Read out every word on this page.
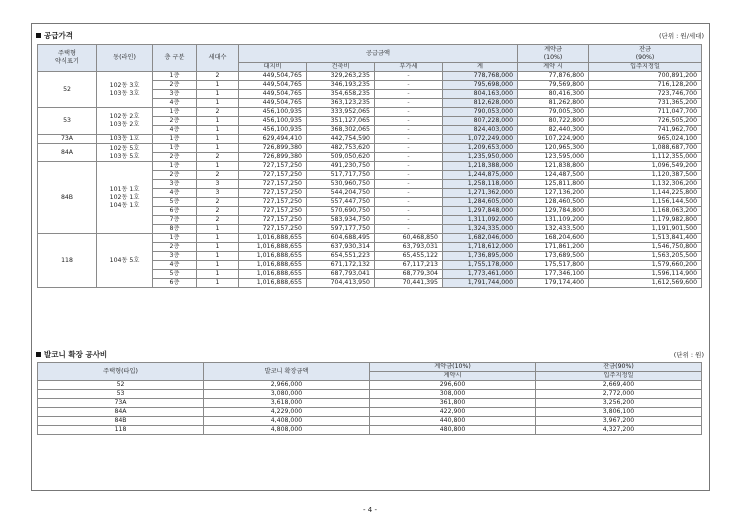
공급가격	(단위 : 원/세대)
주택형
약식표기	동(라인)	층 구분	세대수	공급금액				계약금
(10%)	잔금
(90%)
				대지비	건축비	부가세	계	계약 시	입주지정일
52	102동 3호
103동 3호	1층	2	449,504,765	329,263,235	-	778,768,000	77,876,800	700,891,200
		2층	1	449,504,765	346,193,235	-	795,698,000	79,569,800	716,128,200
		3층	1	449,504,765	354,658,235	-	804,163,000	80,416,300	723,746,700
		4층	1	449,504,765	363,123,235	-	812,628,000	81,262,800	731,365,200
53	102동 2호
103동 2호	1층	2	456,100,935	333,952,065	-	790,053,000	79,005,300	711,047,700
		2층	1	456,100,935	351,127,065	-	807,228,000	80,722,800	726,505,200
		4층	1	456,100,935	368,302,065	-	824,403,000	82,440,300	741,962,700
73A	103동 1호	1층	1	629,494,410	442,754,590	-	1,072,249,000	107,224,900	965,024,100
84A	102동 5호
103동 5호	1층	1	726,899,380	482,753,620	-	1,209,653,000	120,965,300	1,088,687,700
		2층	2	726,899,380	509,050,620	-	1,235,950,000	123,595,000	1,112,355,000
84B	101동 1호
102동 1호
104동 1호	1층	1	727,157,250	491,230,750	-	1,218,388,000	121,838,800	1,096,549,200
		2층	2	727,157,250	517,717,750	-	1,244,875,000	124,487,500	1,120,387,500
		3층	3	727,157,250	530,960,750	-	1,258,118,000	125,811,800	1,132,306,200
		4층	3	727,157,250	544,204,750	-	1,271,362,000	127,136,200	1,144,225,800
		5층	2	727,157,250	557,447,750	-	1,284,605,000	128,460,500	1,156,144,500
		6층	2	727,157,250	570,690,750	-	1,297,848,000	129,784,800	1,168,063,200
		7층	2	727,157,250	583,934,750	-	1,311,092,000	131,109,200	1,179,982,800
		8층	1	727,157,250	597,177,750	-	1,324,335,000	132,433,500	1,191,901,500
118	104동 5호	1층	1	1,016,888,655	604,688,495	60,468,850	1,682,046,000	168,204,600	1,513,841,400
		2층	1	1,016,888,655	637,930,314	63,793,031	1,718,612,000	171,861,200	1,546,750,800
		3층	1	1,016,888,655	654,551,223	65,455,122	1,736,895,000	173,689,500	1,563,205,500
		4층	1	1,016,888,655	671,172,132	67,117,213	1,755,178,000	175,517,800	1,579,660,200
		5층	1	1,016,888,655	687,793,041	68,779,304	1,773,461,000	177,346,100	1,596,114,900
		6층	1	1,016,888,655	704,413,950	70,441,395	1,791,744,000	179,174,400	1,612,569,600
발코니 확장 공사비	(단위 : 원)
주택형(타입)	발코니 확장금액	계약금(10%)	잔금(90%)
		계약시	입주지정일
52	2,966,000	296,600	2,669,400
53	3,080,000	308,000	2,772,000
73A	3,618,000	361,800	3,256,200
84A	4,229,000	422,900	3,806,100
84B	4,408,000	440,800	3,967,200
118	4,808,000	480,800	4,327,200
- 4 -
